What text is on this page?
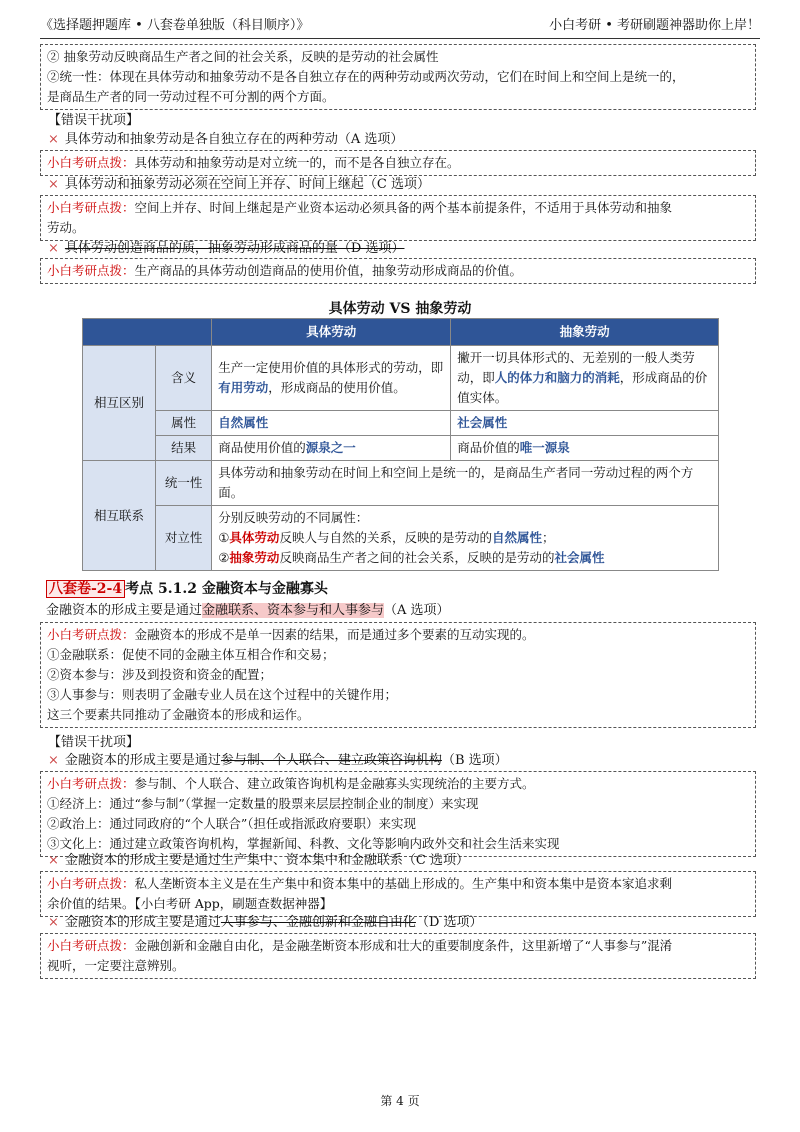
《选择题押题库 • 八套卷单独版（科目顺序）》	小白考研 • 考研刷题神器助你上岸！
② 抽象劳动反映商品生产者之间的社会关系，反映的是劳动的社会属性
②统一性：体现在具体劳动和抽象劳动不是各自独立存在的两种劳动或两次劳动，它们在时间上和空间上是统一的，
是商品生产者的同一劳动过程不可分割的两个方面。
【错误干扰项】
× 具体劳动和抽象劳动是各自独立存在的两种劳动（A 选项）
小白考研点拨：具体劳动和抽象劳动是对立统一的，而不是各自独立存在。
× 具体劳动和抽象劳动必须在空间上并存、时间上继起（C 选项）
小白考研点拨：空间上并存、时间上继起是产业资本运动必须具备的两个基本前提条件，不适用于具体劳动和抽象
劳动。
× 具体劳动创造商品的质，抽象劳动形成商品的量（D 选项）
小白考研点拨：生产商品的具体劳动创造商品的使用价值，抽象劳动形成商品的价值。
具体劳动 VS 抽象劳动
		具体劳动	抽象劳动
相互区别	含义	生产一定使用价值的具体形式的劳动，即有用劳动，形成商品的使用价值。	撇开一切具体形式的、无差别的一般人类劳动，即人的体力和脑力的消耗，形成商品的价值实体。
	属性	自然属性	社会属性
	结果	商品使用价值的源泉之一	商品价值的唯一源泉
相互联系	统一性	具体劳动和抽象劳动在时间上和空间上是统一的，是商品生产者同一劳动过程的两个方面。	
	对立性	分别反映劳动的不同属性：
①具体劳动反映人与自然的关系，反映的是劳动的自然属性；
②抽象劳动反映商品生产者之间的社会关系，反映的是劳动的社会属性	
八套卷-2-4 考点 5.1.2 金融资本与金融寡头
金融资本的形成主要是通过金融联系、资本参与和人事参与（A 选项）
小白考研点拨：金融资本的形成不是单一因素的结果，而是通过多个要素的互动实现的。
①金融联系：促使不同的金融主体互相合作和交易；
②资本参与：涉及到投资和资金的配置；
③人事参与：则表明了金融专业人员在这个过程中的关键作用；
这三个要素共同推动了金融资本的形成和运作。
【错误干扰项】
× 金融资本的形成主要是通过参与制、个人联合、建立政策咨询机构（B 选项）
小白考研点拨：参与制、个人联合、建立政策咨询机构是金融寡头实现统治的主要方式。
①经济上：通过“参与制”（掌握一定数量的股票来层层控制企业的制度）来实现
②政治上：通过同政府的“个人联合”（担任或指派政府要职）来实现
③文化上：通过建立政策咨询机构，掌握新闻、科教、文化等影响内政外交和社会生活来实现
× 金融资本的形成主要是通过生产集中、资本集中和金融联系（C 选项）
小白考研点拨：私人垄断资本主义是在生产集中和资本集中的基础上形成的。生产集中和资本集中是资本家追求剩
余价值的结果。【小白考研 App，刷题查数据神器】
× 金融资本的形成主要是通过人事参与、金融创新和金融自由化（D 选项）
小白考研点拨：金融创新和金融自由化，是金融垄断资本形成和壮大的重要制度条件，这里新增了“人事参与”混淆
视听，一定要注意辨别。
第 4 页
